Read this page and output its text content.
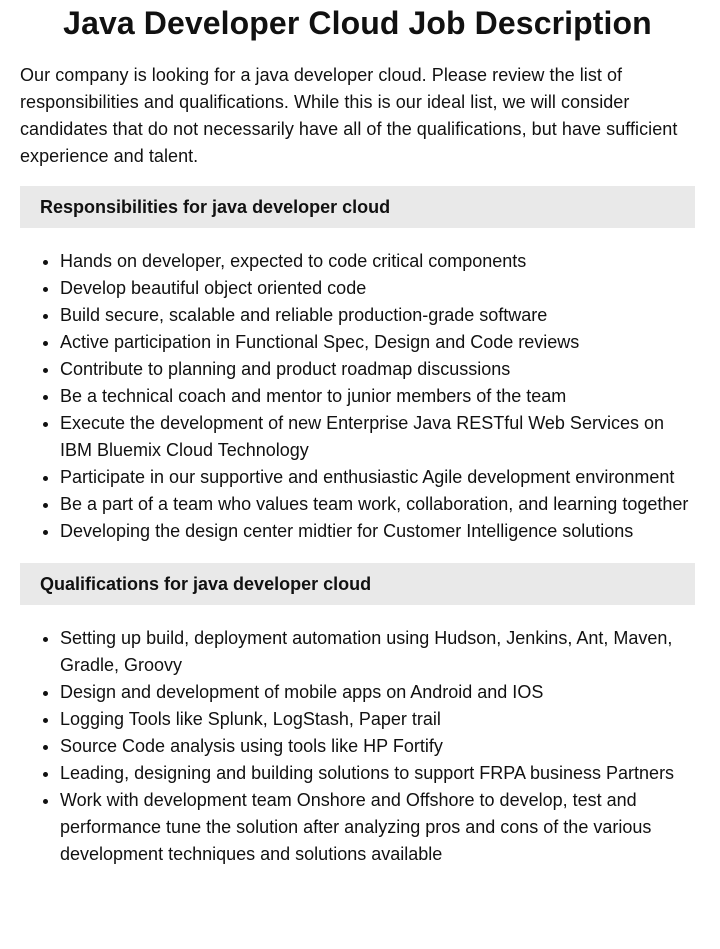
Java Developer Cloud Job Description

Our company is looking for a java developer cloud. Please review the list of responsibilities and qualifications. While this is our ideal list, we will consider candidates that do not necessarily have all of the qualifications, but have sufficient experience and talent.

Responsibilities for java developer cloud
• Hands on developer, expected to code critical components
• Develop beautiful object oriented code
• Build secure, scalable and reliable production-grade software
• Active participation in Functional Spec, Design and Code reviews
• Contribute to planning and product roadmap discussions
• Be a technical coach and mentor to junior members of the team
• Execute the development of new Enterprise Java RESTful Web Services on IBM Bluemix Cloud Technology
• Participate in our supportive and enthusiastic Agile development environment
• Be a part of a team who values team work, collaboration, and learning together
• Developing the design center midtier for Customer Intelligence solutions
Qualifications for java developer cloud
• Setting up build, deployment automation using Hudson, Jenkins, Ant, Maven, Gradle, Groovy
• Design and development of mobile apps on Android and IOS
• Logging Tools like Splunk, LogStash, Paper trail
• Source Code analysis using tools like HP Fortify
• Leading, designing and building solutions to support FRPA business Partners
• Work with development team Onshore and Offshore to develop, test and performance tune the solution after analyzing pros and cons of the various development techniques and solutions available
